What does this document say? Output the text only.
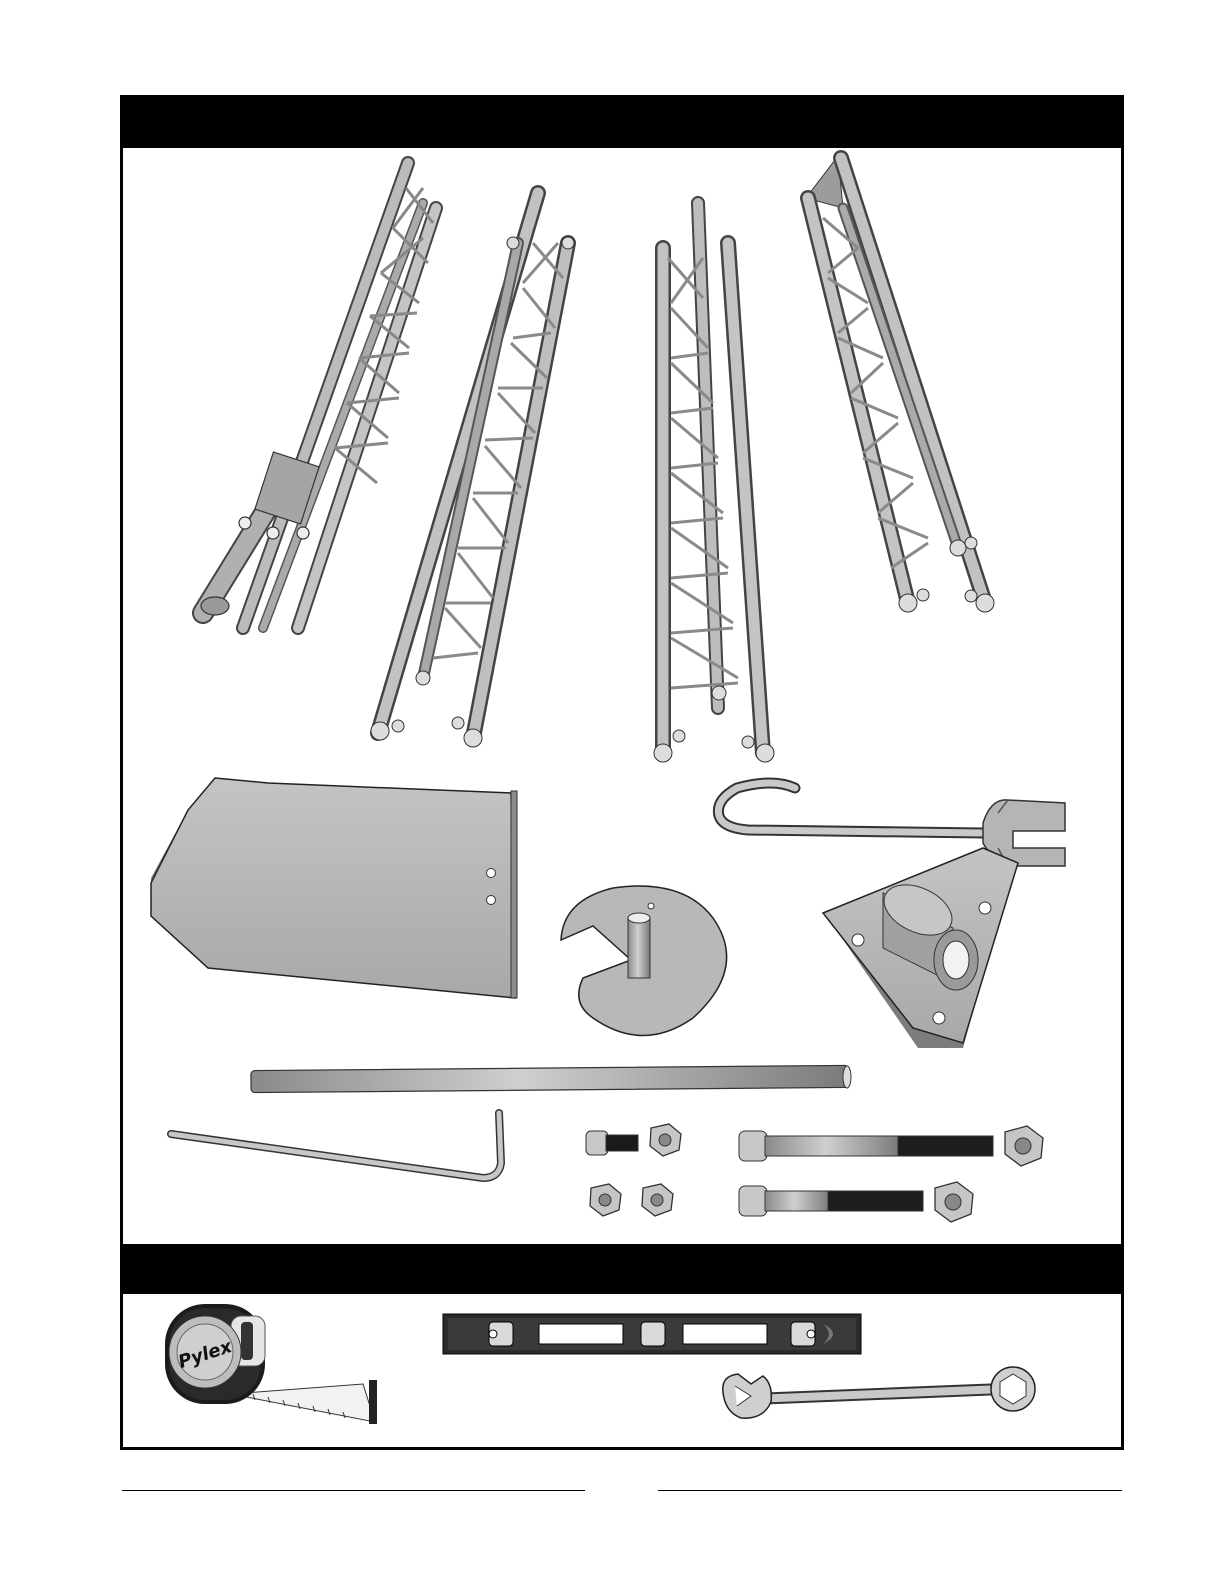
Pylex
